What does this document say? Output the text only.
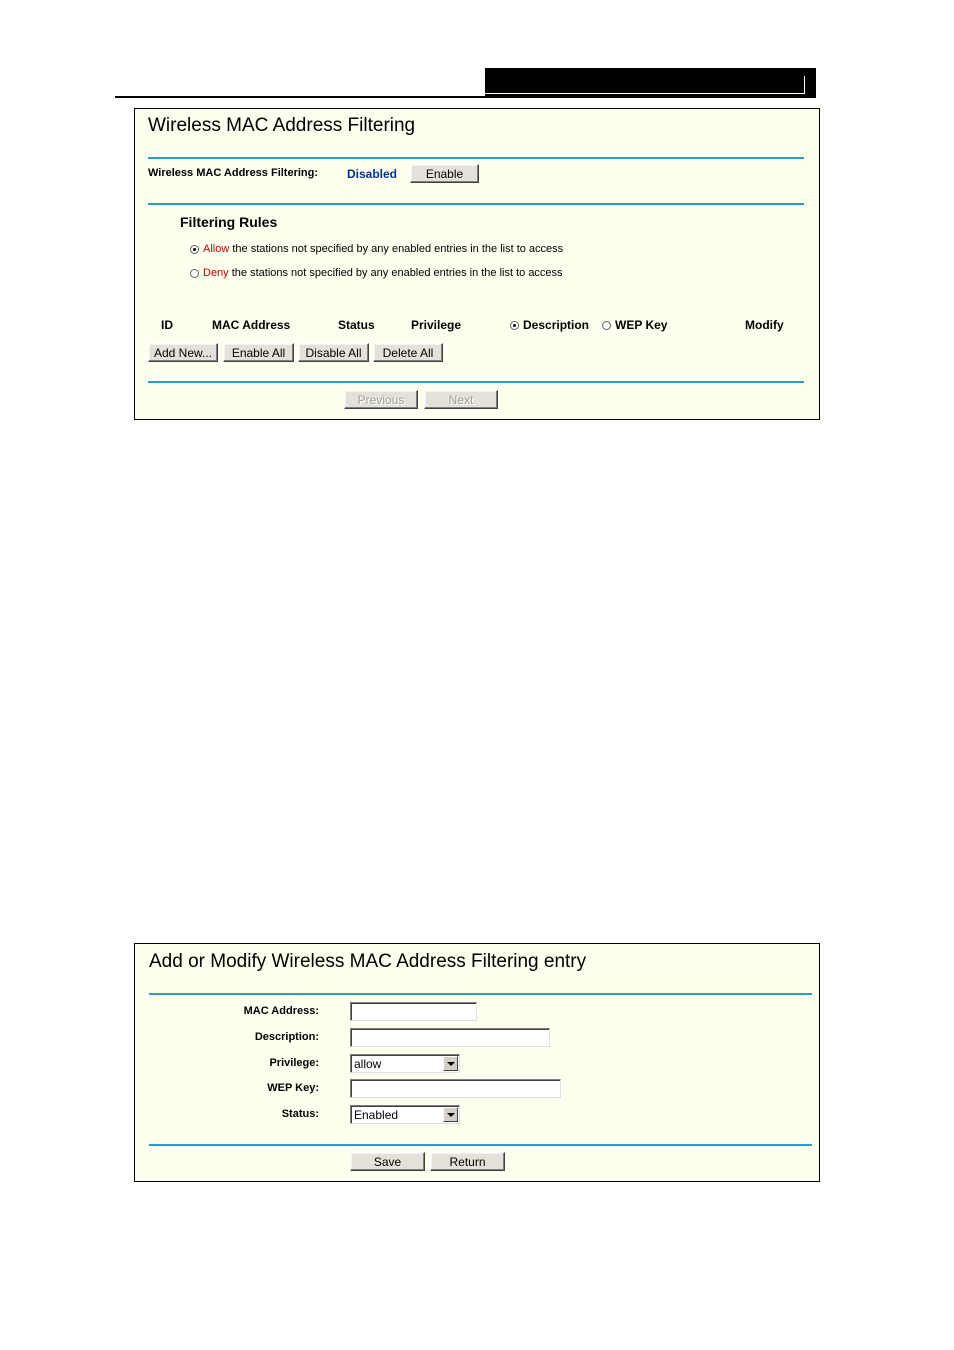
Wireless MAC Address Filtering
Wireless MAC Address Filtering: Disabled	Enable
Filtering Rules
Allow the stations not specified by any enabled entries in the list to access
Deny the stations not specified by any enabled entries in the list to access
ID	MAC Address	Status	Privilege	Description WEP Key	Modify
Add New...	Enable All	Disable All	Delete All
Previous	Next
Add or Modify Wireless MAC Address Filtering entry
MAC Address:
Description:
Privilege:	allow
WEP Key:
Status:	Enabled
Save	Return
